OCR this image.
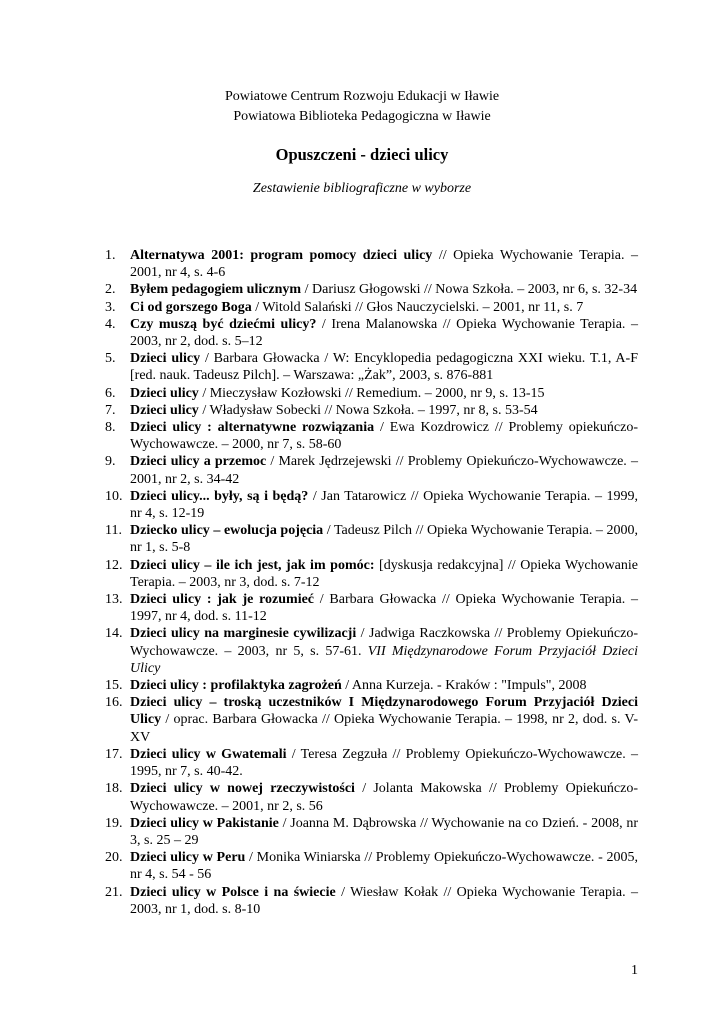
Powiatowe Centrum Rozwoju Edukacji w Iławie
Powiatowa Biblioteka Pedagogiczna w Iławie
Opuszczeni - dzieci ulicy
Zestawienie bibliograficzne w wyborze
1.	Alternatywa 2001: program pomocy dzieci ulicy // Opieka Wychowanie Terapia. – 2001, nr 4, s. 4-6
2.	Byłem pedagogiem ulicznym / Dariusz Głogowski // Nowa Szkoła. – 2003, nr 6, s. 32-34
3.	Ci od gorszego Boga / Witold Salański // Głos Nauczycielski. – 2001, nr 11, s. 7
4.	Czy muszą być dziećmi ulicy? / Irena Malanowska // Opieka Wychowanie Terapia. – 2003, nr 2, dod. s. 5–12
5.	Dzieci ulicy / Barbara Głowacka / W: Encyklopedia pedagogiczna XXI wieku. T.1, A-F [red. nauk. Tadeusz Pilch]. – Warszawa: „Żak”, 2003, s. 876-881
6.	Dzieci ulicy / Mieczysław Kozłowski // Remedium. – 2000, nr 9, s. 13-15
7.	Dzieci ulicy / Władysław Sobecki // Nowa Szkoła. – 1997, nr 8, s. 53-54
8.	Dzieci ulicy : alternatywne rozwiązania / Ewa Kozdrowicz // Problemy opiekuńczo-Wychowawcze. – 2000, nr 7, s. 58-60
9.	Dzieci ulicy a przemoc / Marek Jędrzejewski // Problemy Opiekuńczo-Wychowawcze. – 2001, nr 2, s. 34-42
10. Dzieci ulicy... były, są i będą? / Jan Tatarowicz // Opieka Wychowanie Terapia. – 1999, nr 4, s. 12-19
11. Dziecko ulicy – ewolucja pojęcia / Tadeusz Pilch // Opieka Wychowanie Terapia. – 2000, nr 1, s. 5-8
12. Dzieci ulicy – ile ich jest, jak im pomóc: [dyskusja redakcyjna] // Opieka Wychowanie Terapia. – 2003, nr 3, dod. s. 7-12
13. Dzieci ulicy : jak je rozumieć / Barbara Głowacka // Opieka Wychowanie Terapia. – 1997, nr 4, dod. s. 11-12
14. Dzieci ulicy na marginesie cywilizacji / Jadwiga Raczkowska // Problemy Opiekuńczo-Wychowawcze. – 2003, nr 5, s. 57-61. VII Międzynarodowe Forum Przyjaciół Dzieci Ulicy
15. Dzieci ulicy : profilaktyka zagrożeń / Anna Kurzeja. - Kraków : "Impuls", 2008
16. Dzieci ulicy – troską uczestników I Międzynarodowego Forum Przyjaciół Dzieci Ulicy / oprac. Barbara Głowacka // Opieka Wychowanie Terapia. – 1998, nr 2, dod. s. V-XV
17. Dzieci ulicy w Gwatemali / Teresa Zegzuła // Problemy Opiekuńczo-Wychowawcze. – 1995, nr 7, s. 40-42.
18. Dzieci ulicy w nowej rzeczywistości / Jolanta Makowska // Problemy Opiekuńczo-Wychowawcze. – 2001, nr 2, s. 56
19. Dzieci ulicy w Pakistanie / Joanna M. Dąbrowska // Wychowanie na co Dzień. - 2008, nr 3, s. 25 – 29
20. Dzieci ulicy w Peru / Monika Winiarska // Problemy Opiekuńczo-Wychowawcze. - 2005, nr 4, s. 54 - 56
21. Dzieci ulicy w Polsce i na świecie / Wiesław Kołak // Opieka Wychowanie Terapia. – 2003, nr 1, dod. s. 8-10
1
